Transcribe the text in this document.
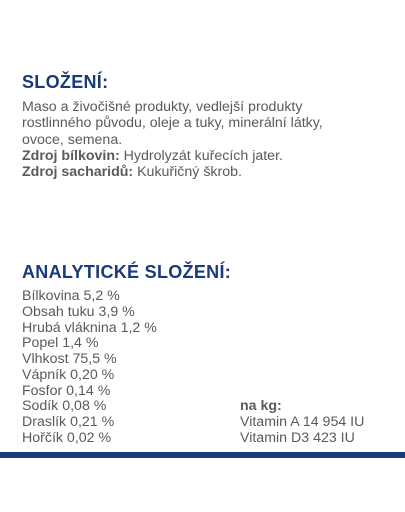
SLOŽENÍ:

Maso a živočišné produkty, vedlejší produkty
rostlinného původu, oleje a tuky, minerální látky,
ovoce, semena.
Zdroj bílkovin: Hydrolyzát kuřecích jater.
Zdroj sacharidů: Kukuřičný škrob.

ANALYTICKÉ SLOŽENÍ:
Bílkovina 5,2 %
Obsah tuku 3,9 %
Hrubá vláknina 1,2 %
Popel 1,4 %
Vlhkost 75,5 %
Vápník 0,20 %
Fosfor 0,14 %
Sodík 0,08 %
Draslík 0,21 %
Hořčík 0,02 %
na kg:
Vitamin A 14 954 IU
Vitamin D3 423 IU
